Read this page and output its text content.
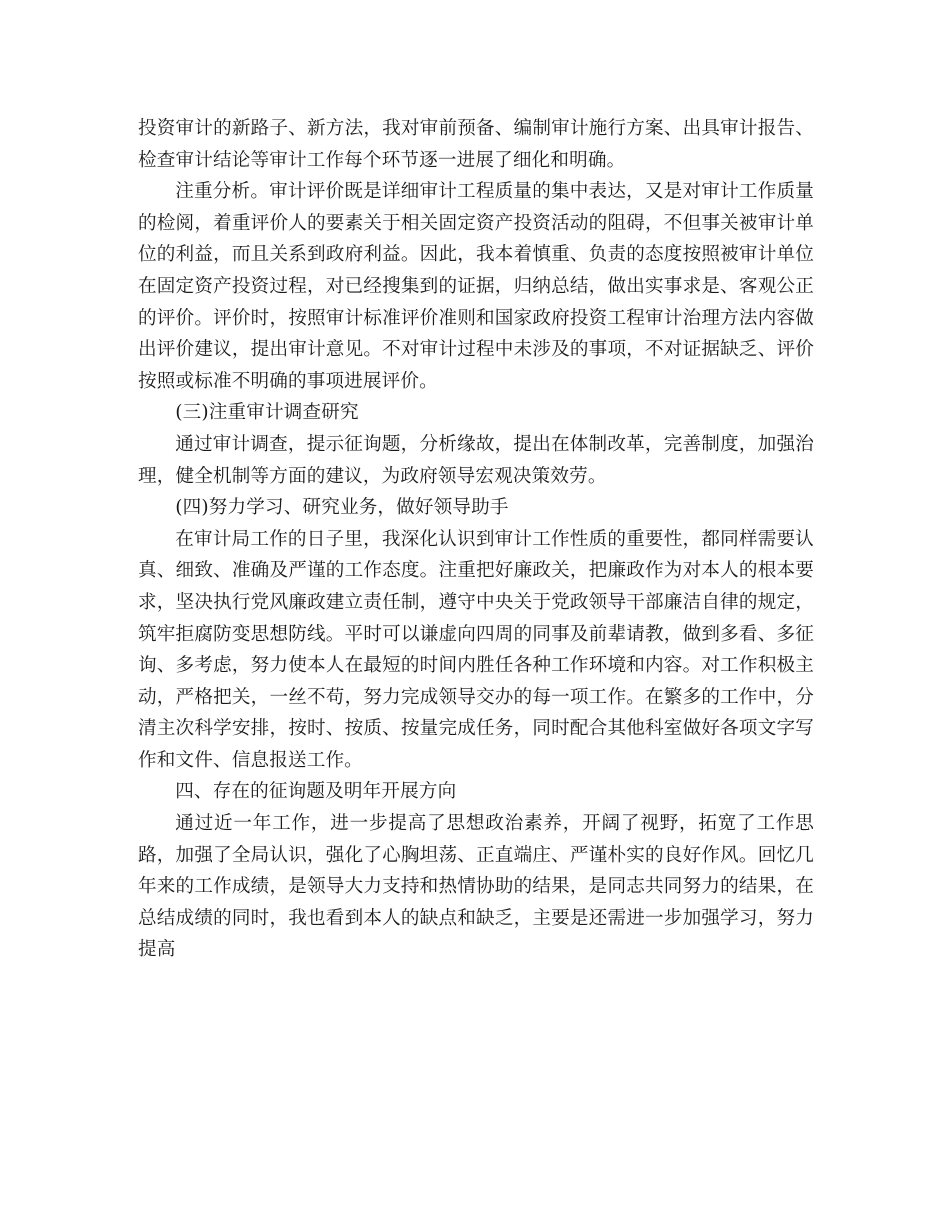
投资审计的新路子、新方法，我对审前预备、编制审计施行方案、出具审计报告、检查审计结论等审计工作每个环节逐一进展了细化和明确。

注重分析。审计评价既是详细审计工程质量的集中表达，又是对审计工作质量的检阅，着重评价人的要素关于相关固定资产投资活动的阻碍，不但事关被审计单位的利益，而且关系到政府利益。因此，我本着慎重、负责的态度按照被审计单位在固定资产投资过程，对已经搜集到的证据，归纳总结，做出实事求是、客观公正的评价。评价时，按照审计标准评价准则和国家政府投资工程审计治理方法内容做出评价建议，提出审计意见。不对审计过程中未涉及的事项，不对证据缺乏、评价按照或标准不明确的事项进展评价。

(三)注重审计调查研究

通过审计调查，提示征询题，分析缘故，提出在体制改革，完善制度，加强治理，健全机制等方面的建议，为政府领导宏观决策效劳。

(四)努力学习、研究业务，做好领导助手

在审计局工作的日子里，我深化认识到审计工作性质的重要性，都同样需要认真、细致、准确及严谨的工作态度。注重把好廉政关，把廉政作为对本人的根本要求，坚决执行党风廉政建立责任制，遵守中央关于党政领导干部廉洁自律的规定，筑牢拒腐防变思想防线。平时可以谦虚向四周的同事及前辈请教，做到多看、多征询、多考虑，努力使本人在最短的时间内胜任各种工作环境和内容。对工作积极主动，严格把关，一丝不苟，努力完成领导交办的每一项工作。在繁多的工作中，分清主次科学安排，按时、按质、按量完成任务，同时配合其他科室做好各项文字写作和文件、信息报送工作。

四、存在的征询题及明年开展方向

通过近一年工作，进一步提高了思想政治素养，开阔了视野，拓宽了工作思路，加强了全局认识，强化了心胸坦荡、正直端庄、严谨朴实的良好作风。回忆几年来的工作成绩，是领导大力支持和热情协助的结果，是同志共同努力的结果，在总结成绩的同时，我也看到本人的缺点和缺乏，主要是还需进一步加强学习，努力提高
